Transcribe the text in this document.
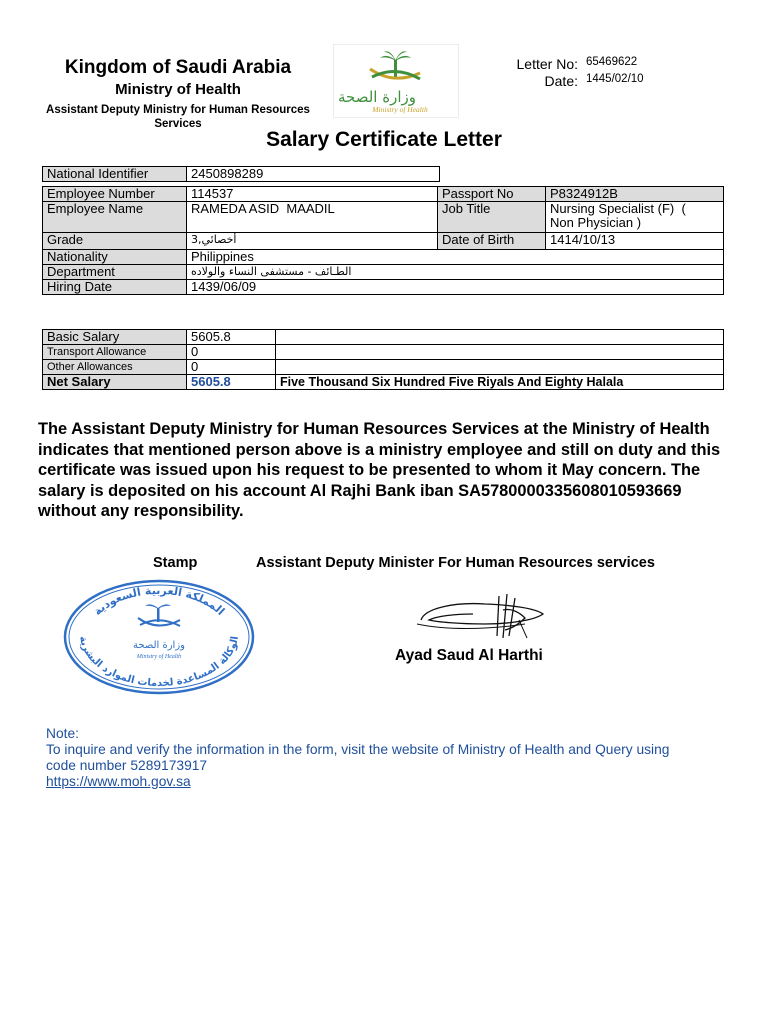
Kingdom of Saudi Arabia
Ministry of Health
Assistant Deputy Ministry for Human Resources Services
وزارة الصحة
Ministry of Health
Letter No: 65469622
Date: 1445/02/10
Salary Certificate Letter
National Identifier	2450898289
Employee Number	114537	Passport No	P8324912B
Employee Name	RAMEDA ASID  MAADIL	Job Title	Nursing Specialist (F)  (
Non Physician )

Grade	أخصائي,3	Date of Birth	1414/10/13
Nationality	Philippines		
Department	الطـائف - مستشفى النساء والولاده		
Hiring Date	1439/06/09		
Basic Salary	5605.8	
Transport Allowance	0	
Other Allowances	0	
Net Salary	5605.8	Five Thousand Six Hundred Five Riyals And Eighty Halala
The Assistant Deputy Ministry for Human Resources Services at the Ministry of Health indicates that mentioned person above is a ministry employee and still on duty and this certificate was issued upon his request to be presented to whom it May concern. The salary is deposited on his account Al Rajhi Bank iban SA5780000335608010593669 without any responsibility.
Stamp	Assistant Deputy Minister For Human Resources services
المملكة العربية السعودية
الوكالة المساعدة لخدمات الموارد البشرية
وزارة الصحة
Ministry of Health	Ayad Saud Al Harthi
Note:
To inquire and verify the information in the form, visit the website of Ministry of Health and Query using
code number 5289173917
https://www.moh.gov.sa
